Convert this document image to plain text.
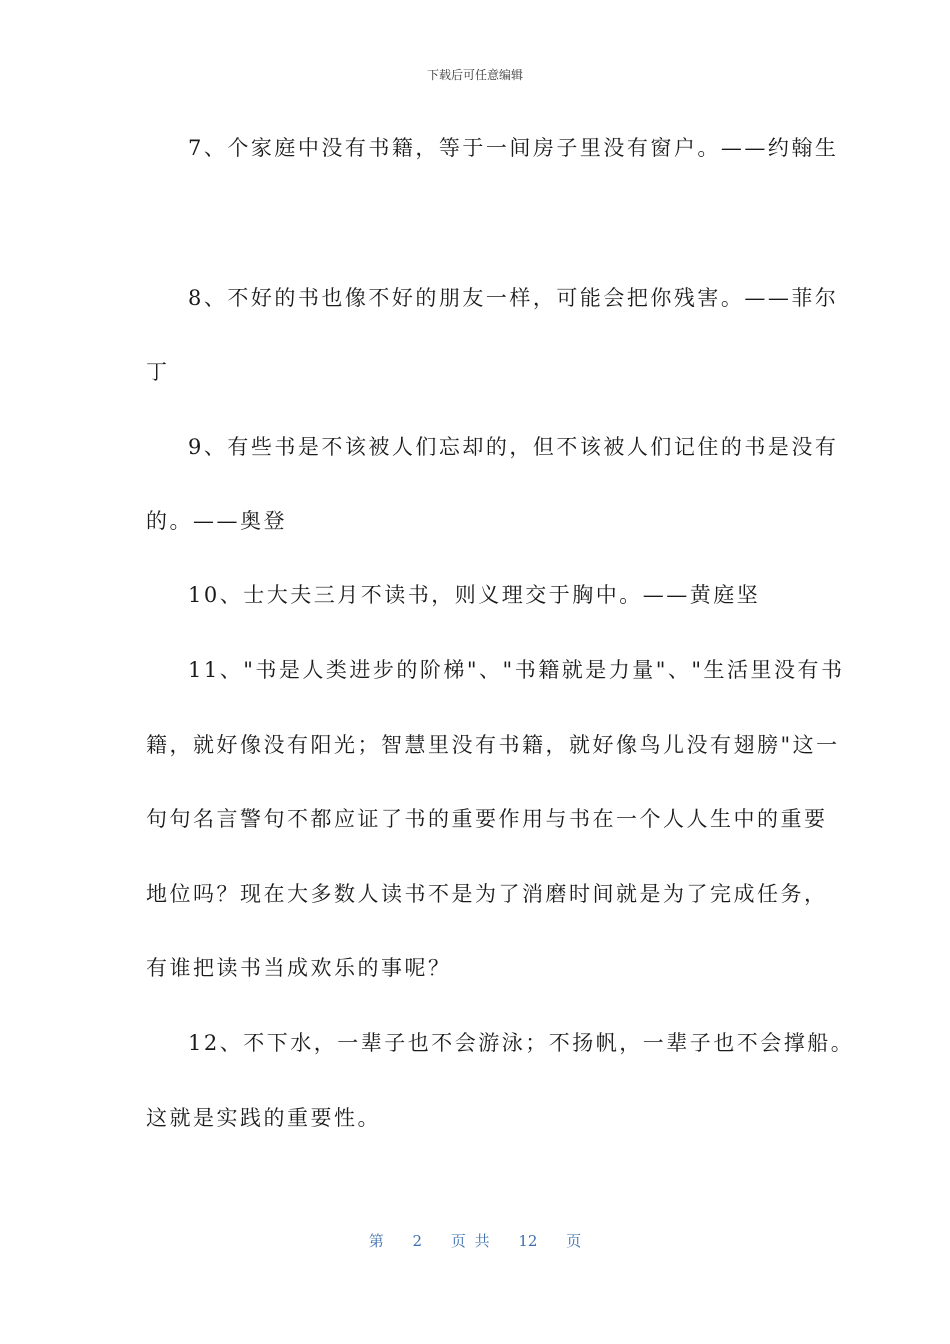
下载后可任意编辑
7、个家庭中没有书籍，等于一间房子里没有窗户。——约翰生
8、不好的书也像不好的朋友一样，可能会把你残害。——菲尔
丁
9、有些书是不该被人们忘却的，但不该被人们记住的书是没有
的。——奥登
10、士大夫三月不读书，则义理交于胸中。——黄庭坚
11、"书是人类进步的阶梯"、"书籍就是力量"、"生活里没有书
籍，就好像没有阳光；智慧里没有书籍，就好像鸟儿没有翅膀"这一
句句名言警句不都应证了书的重要作用与书在一个人人生中的重要
地位吗？现在大多数人读书不是为了消磨时间就是为了完成任务，
有谁把读书当成欢乐的事呢？
12、不下水，一辈子也不会游泳；不扬帆，一辈子也不会撑船。
这就是实践的重要性。
第 2 页 共 12 页
